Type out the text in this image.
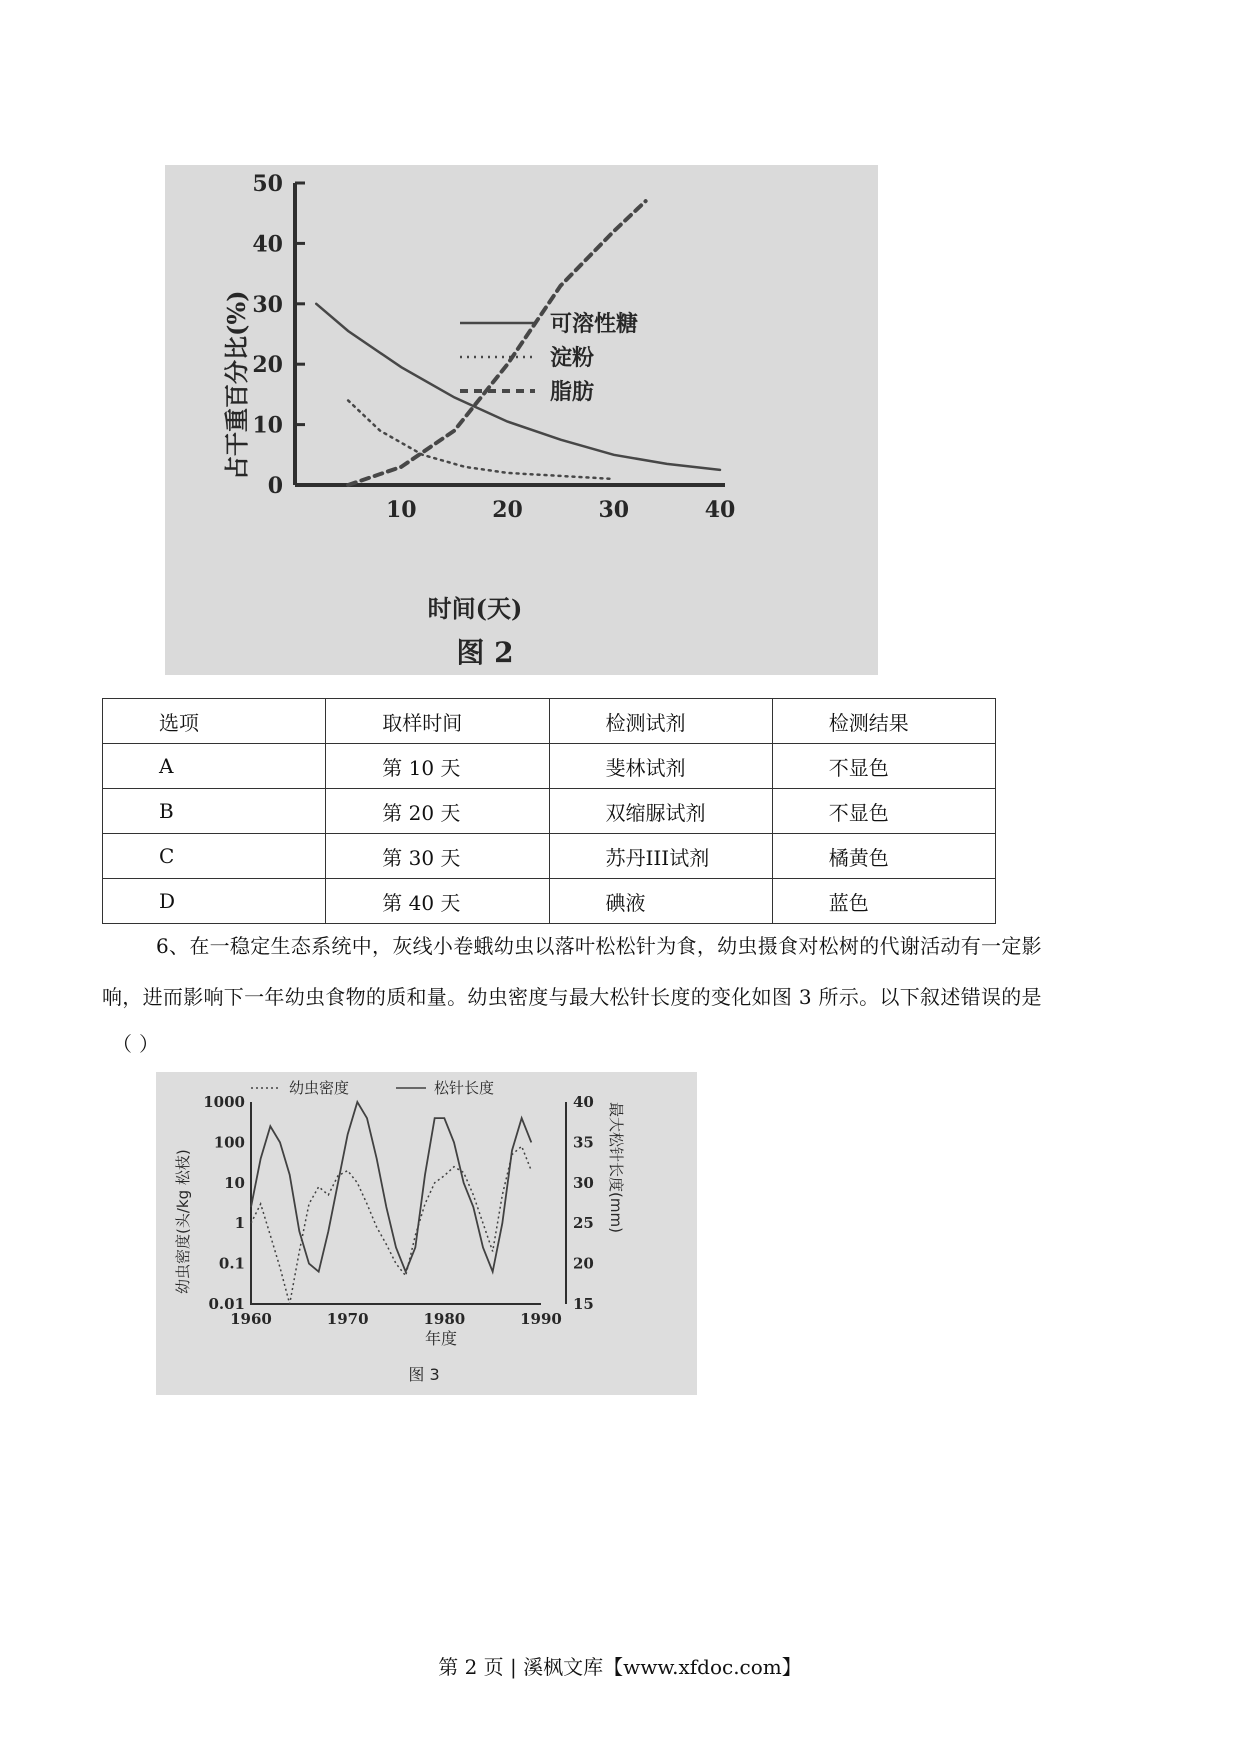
0
10
20
30
40
50
10	20	30	40
可溶性糖
淀粉
脂肪
占干重百分比(%)
时间(天)
图 2
选项	取样时间	检测试剂	检测结果
A	第 10 天	斐林试剂	不显色
B	第 20 天	双缩脲试剂	不显色
C	第 30 天	苏丹III试剂	橘黄色
D	第 40 天	碘液	蓝色
6、在一稳定生态系统中，灰线小卷蛾幼虫以落叶松松针为食，幼虫摄食对松树的代谢活动有一定影
响，进而影响下一年幼虫食物的质和量。幼虫密度与最大松针长度的变化如图 3 所示。以下叙述错误的是
（ ）
幼虫密度	松针长度
0.01
0.1
1
10
100
1000
15
20
25
30
35
40
1960	1970	1980	1990
幼虫密度(头/kg 松枝)	最大松针长度(mm)
年度
图 3
第 2 页 | 溪枫文库【www.xfdoc.com】
